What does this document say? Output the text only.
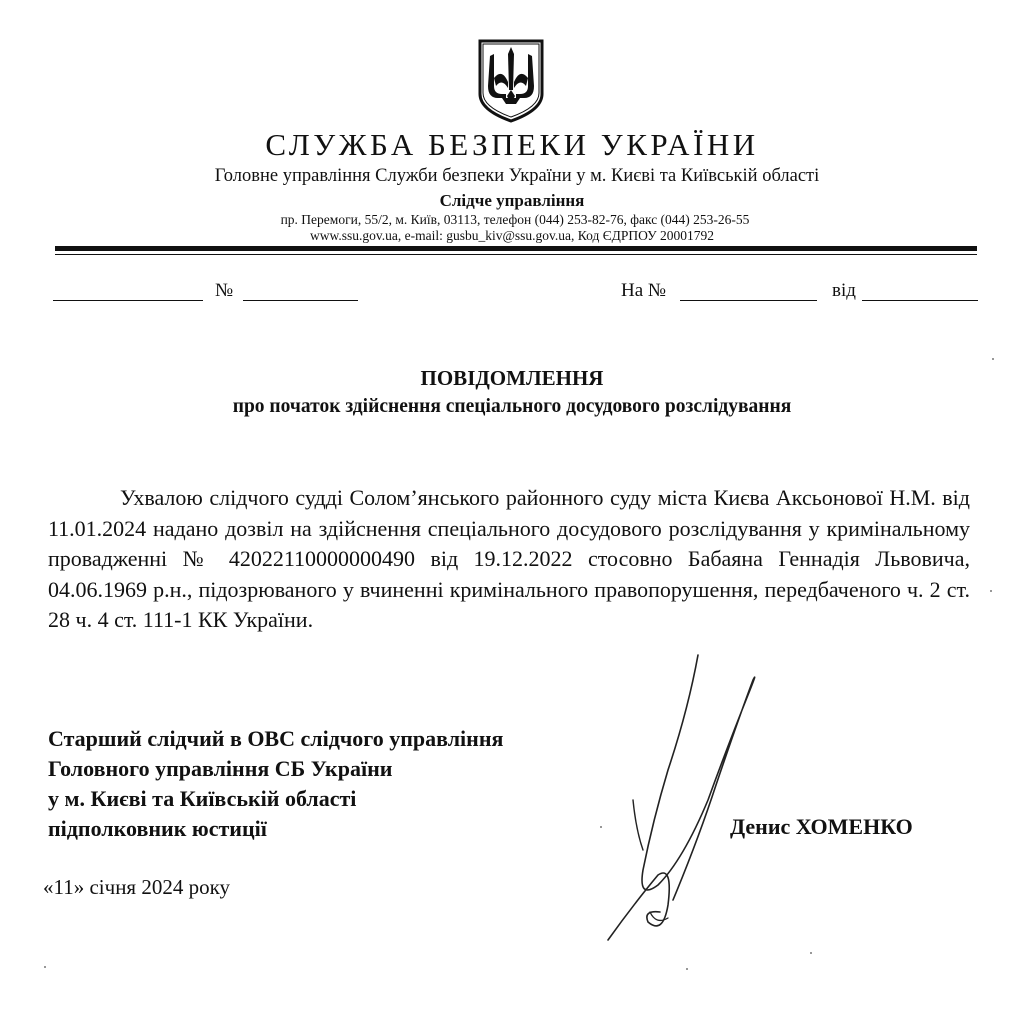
СЛУЖБА БЕЗПЕКИ УКРАЇНИ
Головне управління Служби безпеки України у м. Києві та Київській області
Слідче управління
пр. Перемоги, 55/2, м. Київ, 03113, телефон (044) 253-82-76, факс (044) 253-26-55
www.ssu.gov.ua, e-mail: gusbu_kiv@ssu.gov.ua, Код ЄДРПОУ 20001792
№	На №	від
ПОВІДОМЛЕННЯ
про початок здійснення спеціального досудового розслідування
Ухвалою слідчого судді Солом’янського районного суду міста Києва Аксьонової Н.М. від 11.01.2024 надано дозвіл на здійснення спеціального досудового розслідування у кримінальному провадженні № 42022110000000490 від 19.12.2022 стосовно Бабаяна Геннадія Львовича, 04.06.1969 р.н., підозрюваного у вчиненні кримінального правопорушення, передбаченого ч. 2 ст. 28 ч. 4 ст. 111-1 КК України.
Старший слідчий в ОВС слідчого управління
Головного управління СБ України
у м. Києві та Київській області
підполковник юстиції	Денис ХОМЕНКО
«11» січня 2024 року
